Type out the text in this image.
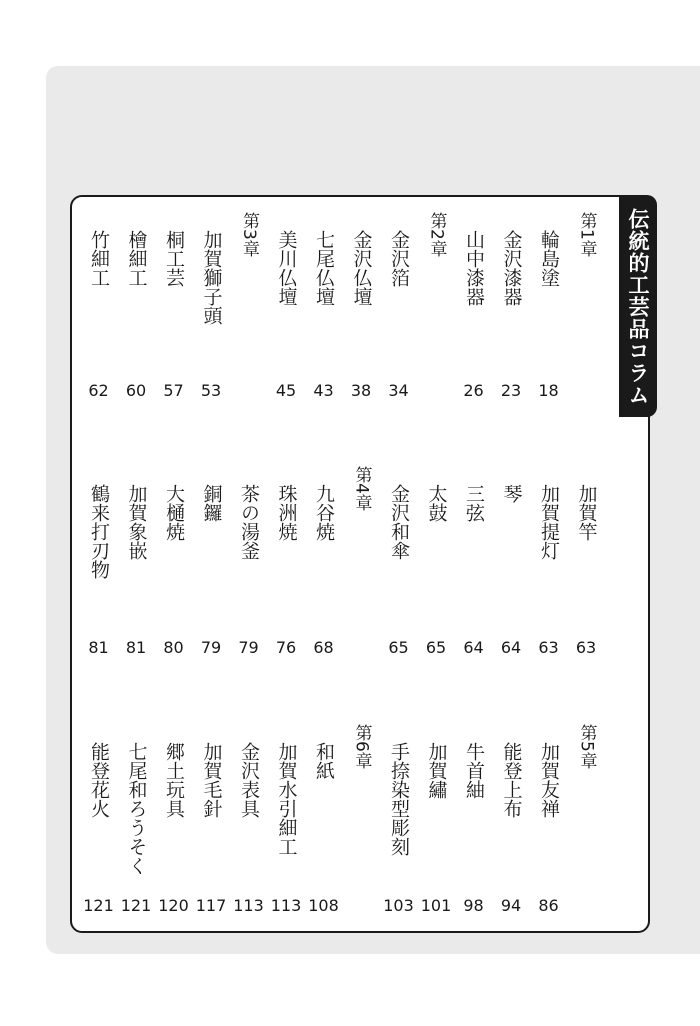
伝統的工芸品コラム
第1章
18
輪島塗
23
金沢漆器
26
山中漆器
第2章
34
金沢箔
38
金沢仏壇
43
七尾仏壇
45
美川仏壇
第3章
53
加賀獅子頭
57
桐工芸
60
檜細工
62
竹細工
63
加賀竿
63
加賀提灯
64
琴
64
三弦
65
太鼓
65
金沢和傘
第4章
68
九谷焼
76
珠洲焼
79
茶の湯釜
79
銅鑼
80
大樋焼
81
加賀象嵌
81
鶴来打刃物
第5章
86
加賀友禅
94
能登上布
98
牛首紬
101
加賀繡
103
手捺染型彫刻
第6章
108
和紙
113
加賀水引細工
113
金沢表具
117
加賀毛針
120
郷土玩具
121
七尾和ろうそく
121
能登花火
